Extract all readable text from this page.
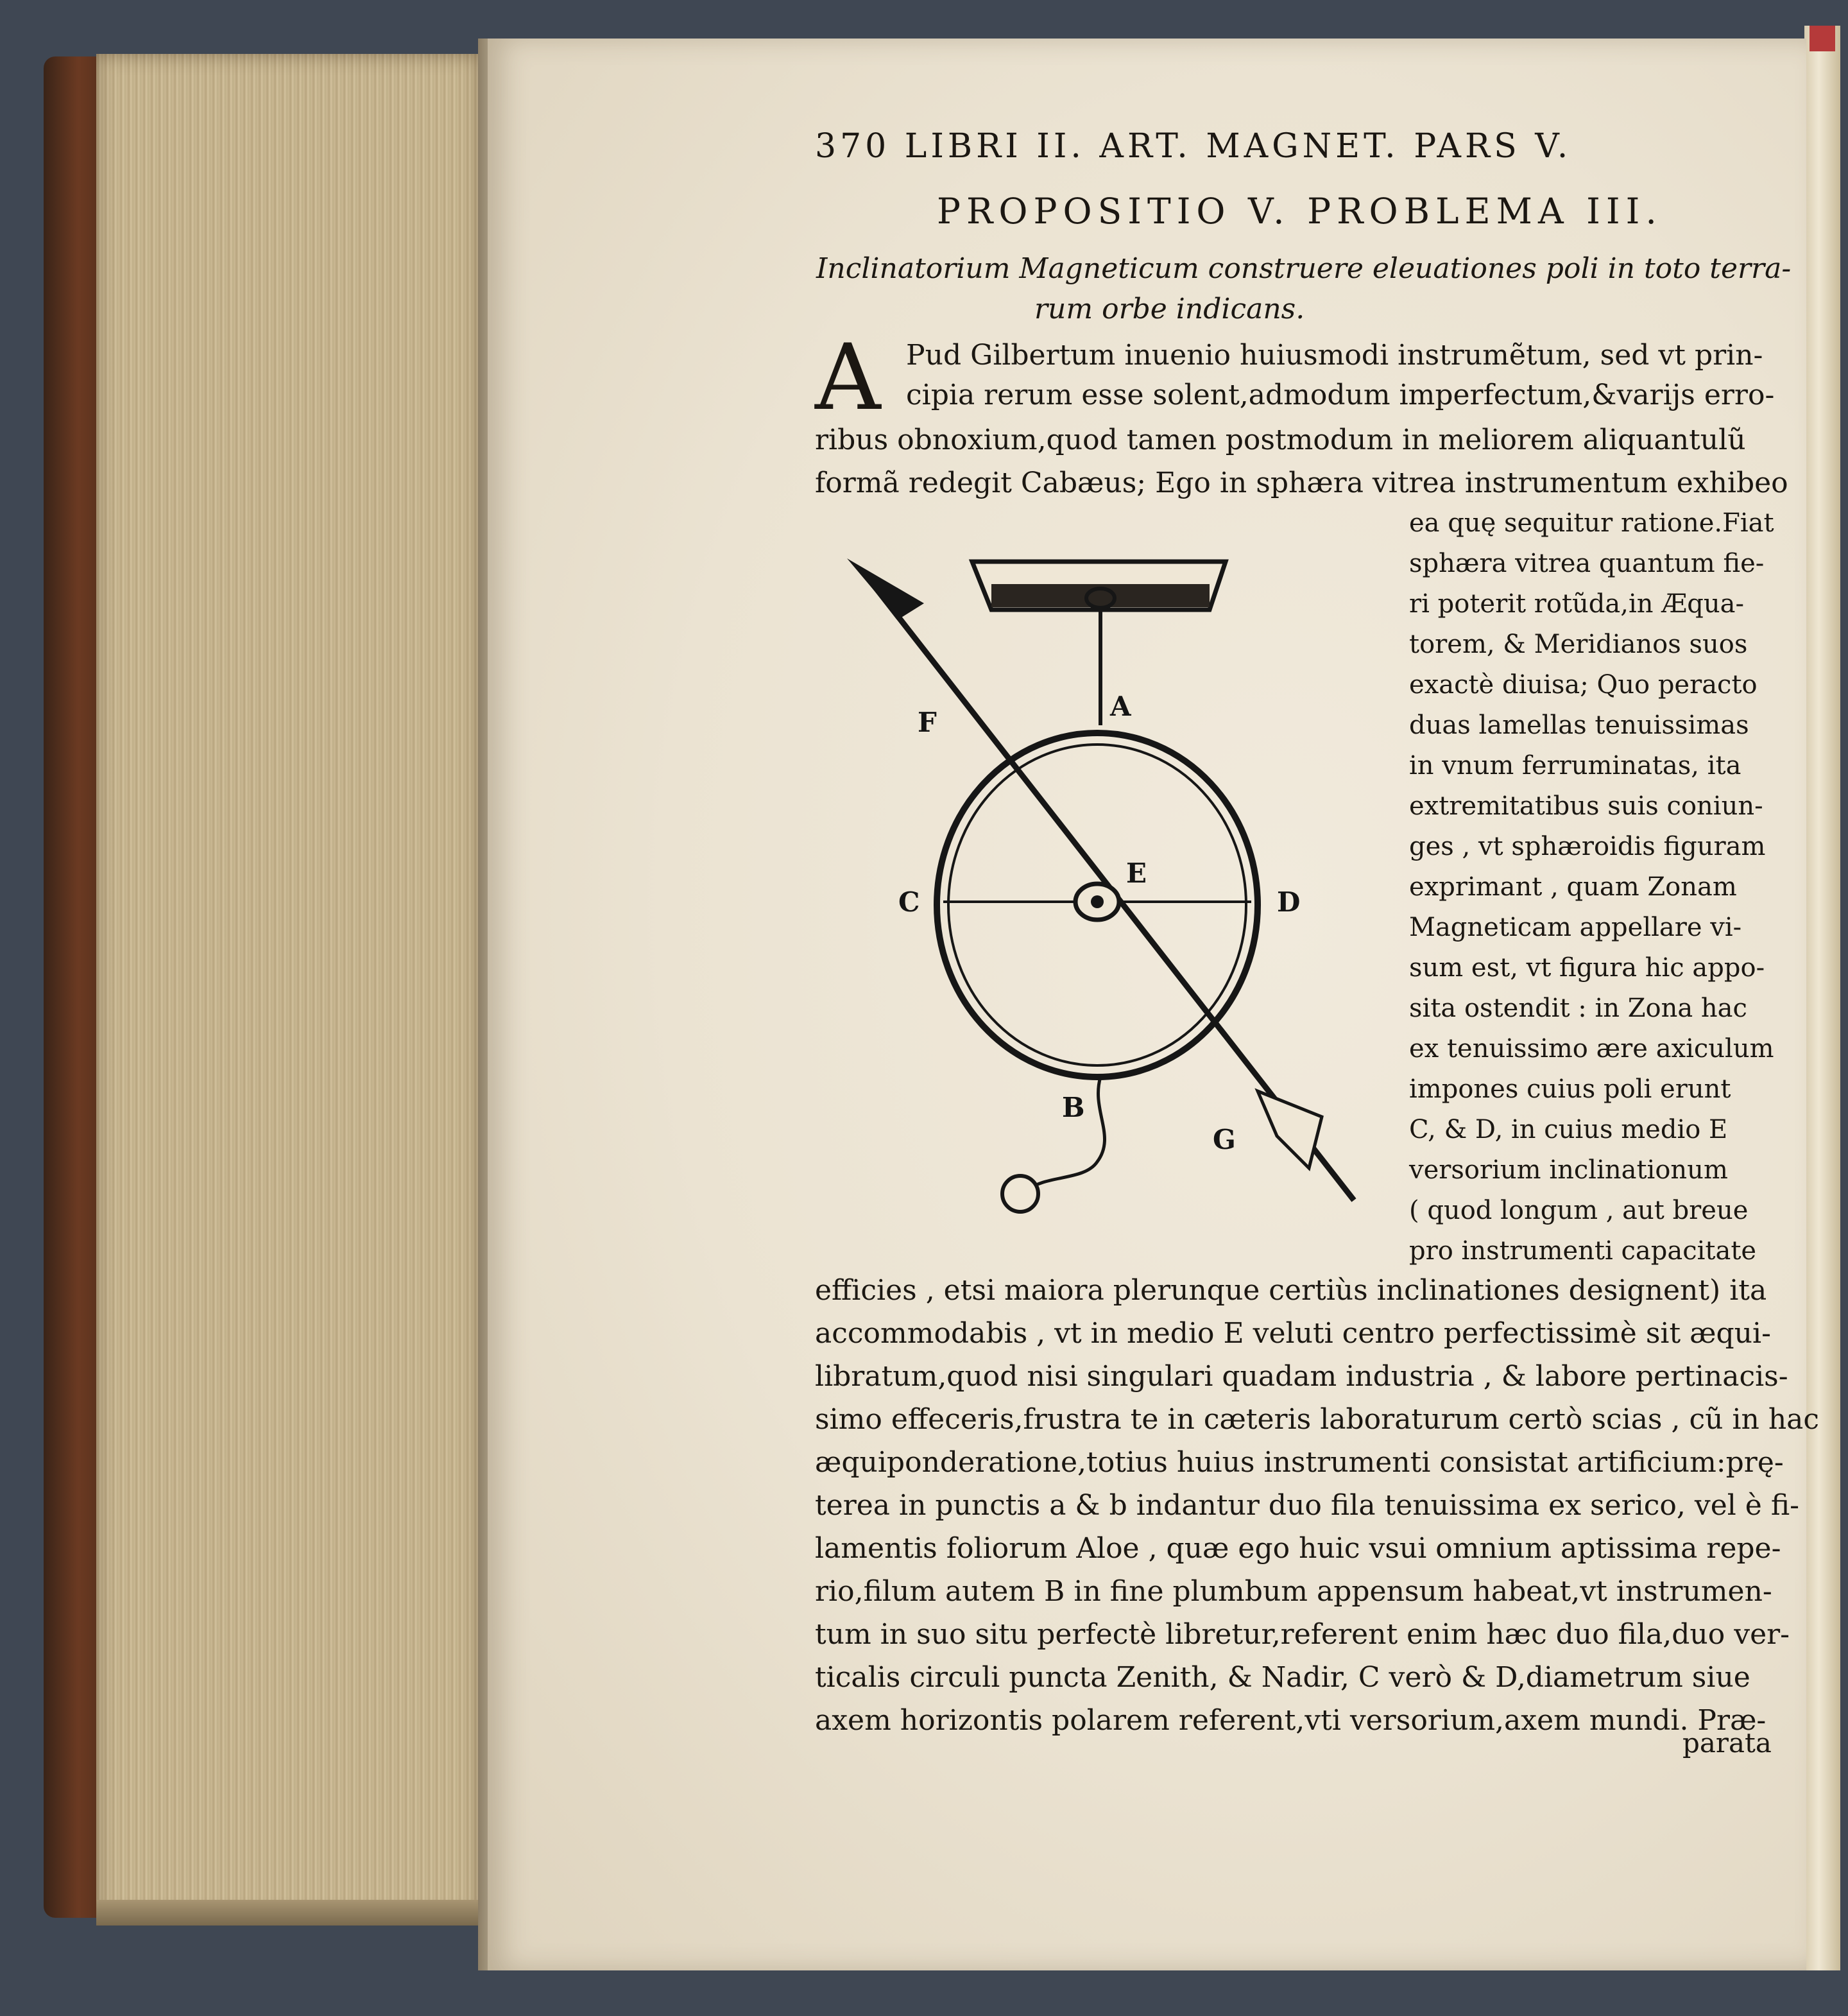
370 LIBRI II. ART. MAGNET. PARS V.
PROPOSITIO V. PROBLEMA III.
Inclinatorium Magneticum construere eleuationes poli in toto terra-
rum orbe indicans.
A Pud Gilbertum inuenio huiusmodi instrumẽtum, sed vt prin-
cipia rerum esse solent,admodum imperfectum,&varijs erro-
ribus obnoxium,quod tamen postmodum in meliorem aliquantulũ
formã redegit Cabæus; Ego in sphæra vitrea instrumentum exhibeo
ea quę sequitur ratione.Fiat
sphæra vitrea quantum fie-
ri poterit rotũda,in Æqua-
torem, & Meridianos suos
exactè diuisa; Quo peracto
duas lamellas tenuissimas
in vnum ferruminatas, ita
extremitatibus suis coniun-
ges , vt sphæroidis figuram
exprimant , quam Zonam
Magneticam appellare vi-
sum est, vt figura hic appo-
sita ostendit : in Zona hac
ex tenuissimo ære axiculum
impones cuius poli erunt
C, & D, in cuius medio E
versorium inclinationum
( quod longum , aut breue
pro instrumenti capacitate
A
F
C
E
D
B
G
efficies , etsi maiora plerunque certiùs inclinationes designent) ita
accommodabis , vt in medio E veluti centro perfectissimè sit æqui-
libratum,quod nisi singulari quadam industria , & labore pertinacis-
simo effeceris,frustra te in cæteris laboraturum certò scias , cũ in hac
æquiponderatione,totius huius instrumenti consistat artificium:prę-
terea in punctis a & b indantur duo fila tenuissima ex serico, vel è fi-
lamentis foliorum Aloe , quæ ego huic vsui omnium aptissima repe-
rio,filum autem B in fine plumbum appensum habeat,vt instrumen-
tum in suo situ perfectè libretur,referent enim hæc duo fila,duo ver-
ticalis circuli puncta Zenith, & Nadir, C verò & D,diametrum siue
axem horizontis polarem referent,vti versorium,axem mundi. Præ-
parata
